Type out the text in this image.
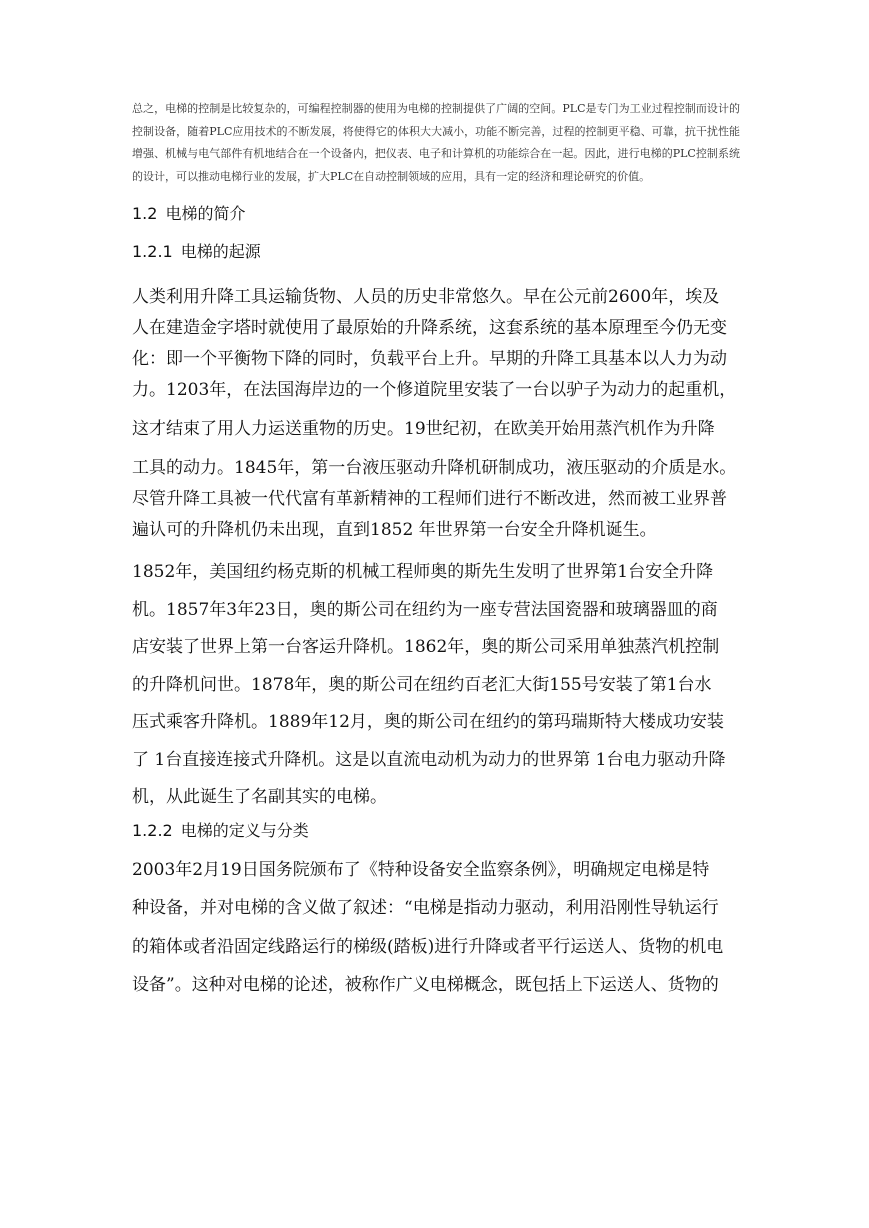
总之，电梯的控制是比较复杂的，可编程控制器的使用为电梯的控制提供了广阔的空间。PLC是专门为工业过程控制而设计的控制设备，随着PLC应用技术的不断发展，将使得它的体积大大减小，功能不断完善，过程的控制更平稳、可靠，抗干扰性能增强、机械与电气部件有机地结合在一个设备内，把仪表、电子和计算机的功能综合在一起。因此，进行电梯的PLC控制系统的设计，可以推动电梯行业的发展，扩大PLC在自动控制领域的应用，具有一定的经济和理论研究的价值。

1.2 电梯的简介
1.2.1 电梯的起源

人类利用升降工具运输货物、人员的历史非常悠久。早在公元前2600年，埃及
人在建造金字塔时就使用了最原始的升降系统，这套系统的基本原理至今仍无变
化：即一个平衡物下降的同时，负载平台上升。早期的升降工具基本以人力为动
力。1203年，在法国海岸边的一个修道院里安装了一台以驴子为动力的起重机，
这才结束了用人力运送重物的历史。19世纪初，在欧美开始用蒸汽机作为升降
工具的动力。1845年，第一台液压驱动升降机研制成功，液压驱动的介质是水。
尽管升降工具被一代代富有革新精神的工程师们进行不断改进，然而被工业界普
遍认可的升降机仍未出现，直到1852 年世界第一台安全升降机诞生。

1852年，美国纽约杨克斯的机械工程师奥的斯先生发明了世界第1台安全升降
机。1857年3年23日，奥的斯公司在纽约为一座专营法国瓷器和玻璃器皿的商
店安装了世界上第一台客运升降机。1862年，奥的斯公司采用单独蒸汽机控制
的升降机问世。1878年，奥的斯公司在纽约百老汇大街155号安装了第1台水
压式乘客升降机。1889年12月，奥的斯公司在纽约的第玛瑞斯特大楼成功安装
了 1台直接连接式升降机。这是以直流电动机为动力的世界第 1台电力驱动升降
机，从此诞生了名副其实的电梯。

1.2.2 电梯的定义与分类

2003年2月19日国务院颁布了《特种设备安全监察条例》，明确规定电梯是特
种设备，并对电梯的含义做了叙述：“电梯是指动力驱动，利用沿刚性导轨运行
的箱体或者沿固定线路运行的梯级(踏板)进行升降或者平行运送人、货物的机电
设备”。这种对电梯的论述，被称作广义电梯概念，既包括上下运送人、货物的
